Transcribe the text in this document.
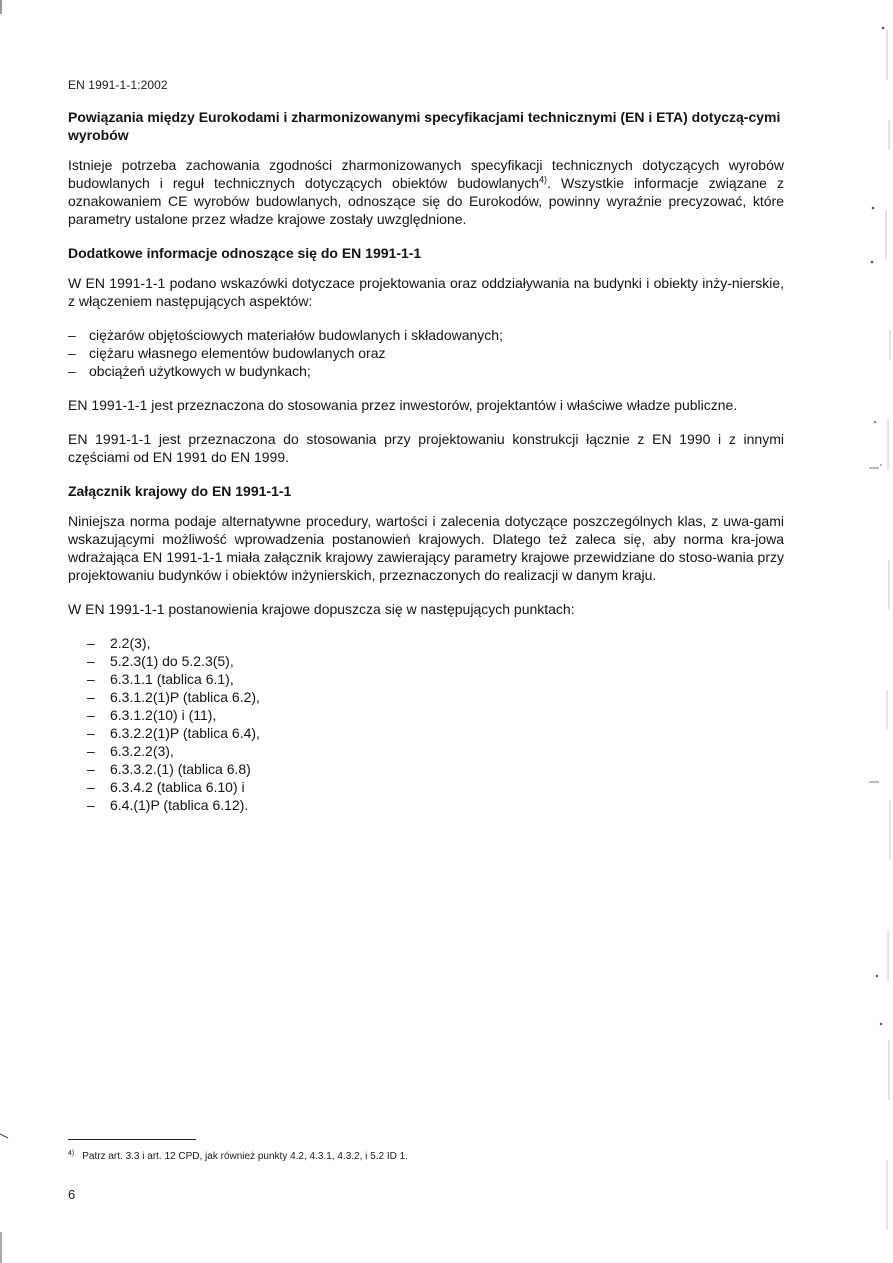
EN 1991-1-1:2002

Powiązania między Eurokodami i zharmonizowanymi specyfikacjami technicznymi (EN i ETA) dotyczą-cymi wyrobów

Istnieje potrzeba zachowania zgodności zharmonizowanych specyfikacji technicznych dotyczących wyrobów budowlanych i reguł technicznych dotyczących obiektów budowlanych$^{4)}$. Wszystkie informacje związane z oznakowaniem CE wyrobów budowlanych, odnoszące się do Eurokodów, powinny wyraźnie precyzować, które parametry ustalone przez władze krajowe zostały uwzględnione.

Dodatkowe informacje odnoszące się do EN 1991-1-1

W EN 1991-1-1 podano wskazówki dotyczace projektowania oraz oddziaływania na budynki i obiekty inży-nierskie, z włączeniem następujących aspektów:

– ciężarów objętościowych materiałów budowlanych i składowanych;
– ciężaru własnego elementów budowlanych oraz
– obciążeń użytkowych w budynkach;

EN 1991-1-1 jest przeznaczona do stosowania przez inwestorów, projektantów i właściwe władze publiczne.

EN 1991-1-1 jest przeznaczona do stosowania przy projektowaniu konstrukcji łącznie z EN 1990 i z innymi częściami od EN 1991 do EN 1999.

Załącznik krajowy do EN 1991-1-1

Niniejsza norma podaje alternatywne procedury, wartości i zalecenia dotyczące poszczególnych klas, z uwa-gami wskazującymi możliwość wprowadzenia postanowień krajowych. Dlatego też zaleca się, aby norma kra-jowa wdrażająca EN 1991-1-1 miała załącznik krajowy zawierający parametry krajowe przewidziane do stoso-wania przy projektowaniu budynków i obiektów inżynierskich, przeznaczonych do realizacji w danym kraju.

W EN 1991-1-1 postanowienia krajowe dopuszcza się w następujących punktach:

– 2.2(3),
– 5.2.3(1) do 5.2.3(5),
– 6.3.1.1 (tablica 6.1),
– 6.3.1.2(1)P (tablica 6.2),
– 6.3.1.2(10) i (11),
– 6.3.2.2(1)P (tablica 6.4),
– 6.3.2.2(3),
– 6.3.3.2.(1) (tablica 6.8)
– 6.3.4.2 (tablica 6.10) i
– 6.4.(1)P (tablica 6.12).
$^{4)}$ Patrz art. 3.3 i art. 12 CPD, jak również punkty 4.2, 4.3.1, 4.3.2, i 5.2 ID 1.
6
